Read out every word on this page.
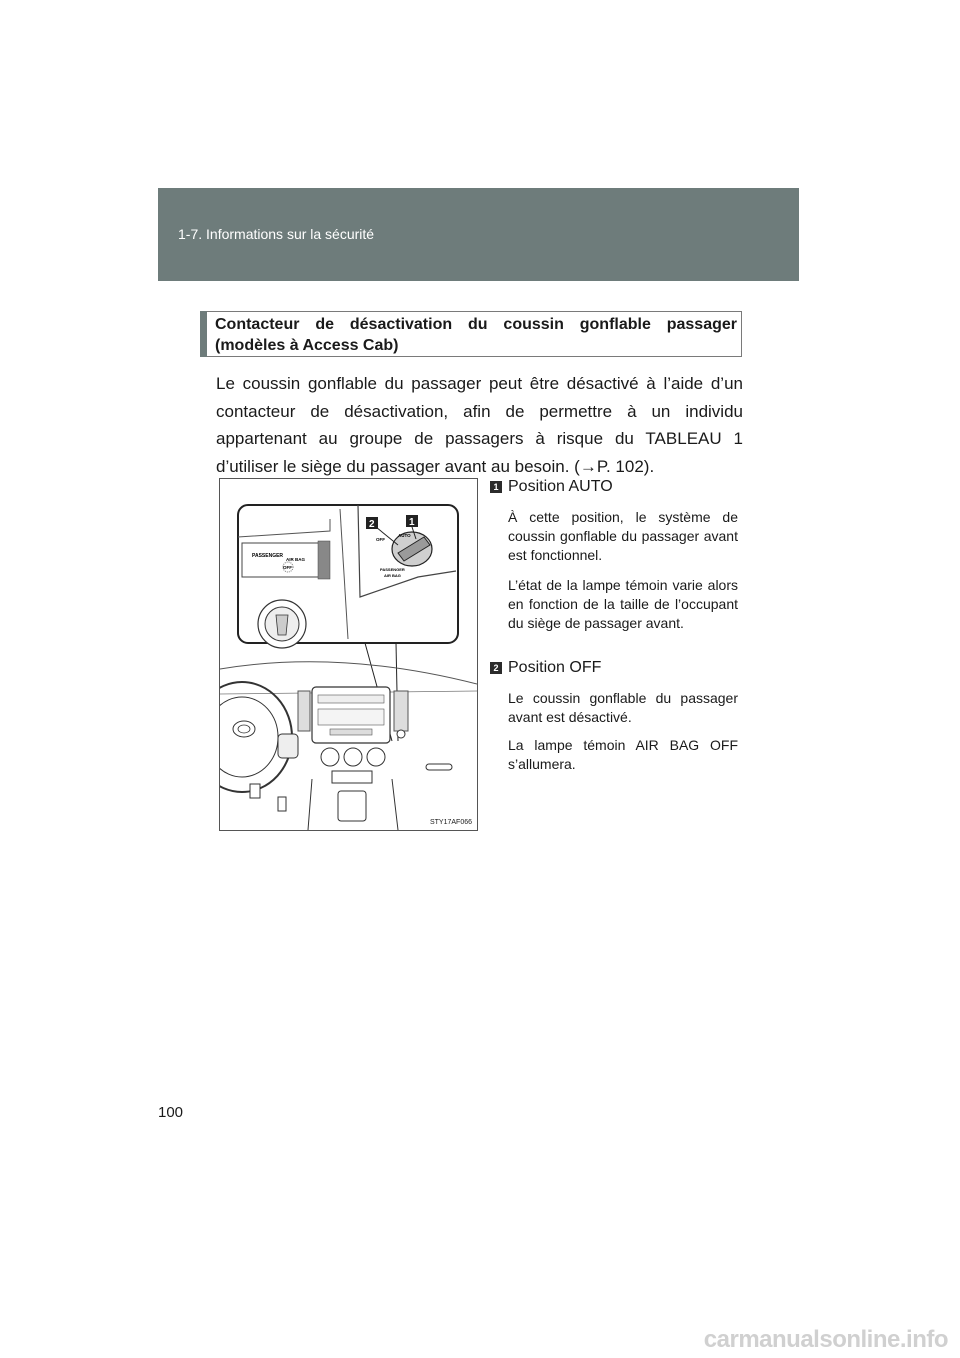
1-7. Informations sur la sécurité
Contacteur de désactivation du coussin gonflable passager (modèles à Access Cab)
Le coussin gonflable du passager peut être désactivé à l’aide d’un contacteur de désactivation, afin de permettre à un individu appartenant au groupe de passagers à risque du TABLEAU 1 d’utiliser le siège du passager avant au besoin. (→P. 102).
PASSENGER
AIR BAG
OFF
OFF
AUTO
PASSENGER
AIR BAG
2	1
STY17AF066
1 Position AUTO
À cette position, le système de coussin gonflable du passager avant est fonctionnel.
L’état de la lampe témoin varie alors en fonction de la taille de l’occupant du siège de passager avant.
2 Position OFF
Le coussin gonflable du passager avant est désactivé.
La lampe témoin AIR BAG OFF s’allumera.
100
carmanualsonline.info
